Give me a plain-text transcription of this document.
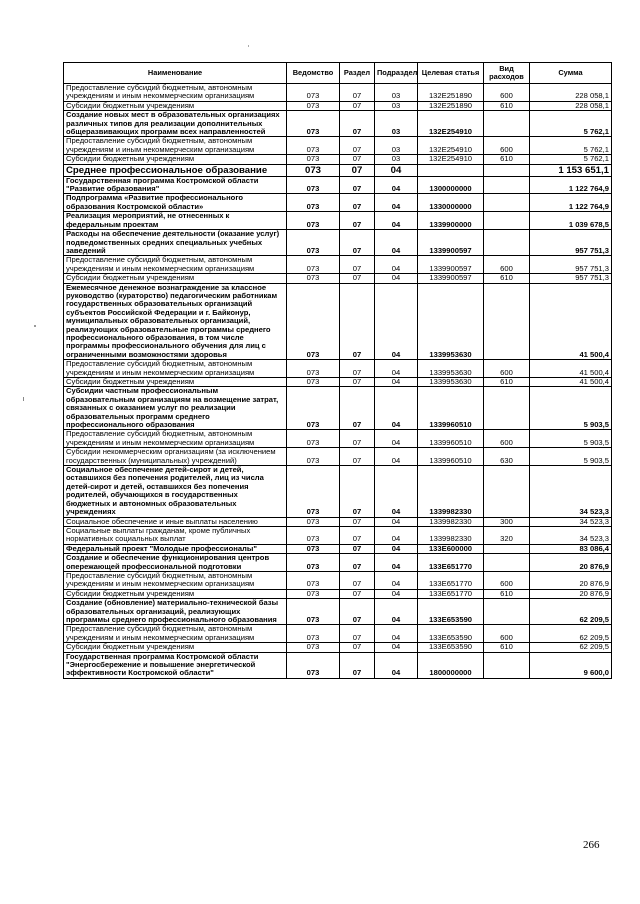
Наименование	Ведомство	Раздел	Подраздел	Целевая статья	Вид расходов	Сумма
Предоставление субсидий бюджетным, автономным учреждениям и иным некоммерческим организациям	073	07	03	132E251890	600	228 058,1
Субсидии бюджетным учреждениям	073	07	03	132E251890	610	228 058,1
Создание новых мест в образовательных организациях различных типов для реализации дополнительных общеразвивающих программ всех направленностей	073	07	03	132E254910		5 762,1
Предоставление субсидий бюджетным, автономным учреждениям и иным некоммерческим организациям	073	07	03	132E254910	600	5 762,1
Субсидии бюджетным учреждениям	073	07	03	132E254910	610	5 762,1
Среднее профессиональное образование	073	07	04			1 153 651,1
Государственная программа Костромской области "Развитие образования"	073	07	04	1300000000		1 122 764,9
Подпрограмма «Развитие профессионального образования Костромской области»	073	07	04	1330000000		1 122 764,9
Реализация мероприятий, не отнесенных к федеральным проектам	073	07	04	1339900000		1 039 678,5
Расходы на обеспечение деятельности (оказание услуг) подведомственных средних специальных учебных заведений	073	07	04	1339900597		957 751,3
Предоставление субсидий бюджетным, автономным учреждениям и иным некоммерческим организациям	073	07	04	1339900597	600	957 751,3
Субсидии бюджетным учреждениям	073	07	04	1339900597	610	957 751,3
Ежемесячное денежное вознаграждение за классное руководство (кураторство) педагогическим работникам государственных образовательных организаций субъектов Российской Федерации и г. Байконур, муниципальных образовательных организаций, реализующих образовательные программы среднего профессионального образования, в том числе программы профессионального обучения для лиц с ограниченными возможностями здоровья	073	07	04	1339953630		41 500,4
Предоставление субсидий бюджетным, автономным учреждениям и иным некоммерческим организациям	073	07	04	1339953630	600	41 500,4
Субсидии бюджетным учреждениям	073	07	04	1339953630	610	41 500,4
Субсидии частным профессиональным образовательным организациям на возмещение затрат, связанных с оказанием услуг по реализации образовательных программ среднего профессионального образования	073	07	04	1339960510		5 903,5
Предоставление субсидий бюджетным, автономным учреждениям и иным некоммерческим организациям	073	07	04	1339960510	600	5 903,5
Субсидии некоммерческим организациям (за исключением государственных (муниципальных) учреждений)	073	07	04	1339960510	630	5 903,5
Социальное обеспечение детей-сирот и детей, оставшихся без попечения родителей, лиц из числа детей-сирот и детей, оставшихся без попечения родителей, обучающихся в государственных бюджетных и автономных образовательных учреждениях	073	07	04	1339982330		34 523,3
Социальное обеспечение и иные выплаты населению	073	07	04	1339982330	300	34 523,3
Социальные выплаты гражданам, кроме публичных нормативных социальных выплат	073	07	04	1339982330	320	34 523,3
Федеральный проект "Молодые профессионалы"	073	07	04	133E600000		83 086,4
Создание и обеспечение функционирования центров опережающей профессиональной подготовки	073	07	04	133E651770		20 876,9
Предоставление субсидий бюджетным, автономным учреждениям и иным некоммерческим организациям	073	07	04	133E651770	600	20 876,9
Субсидии бюджетным учреждениям	073	07	04	133E651770	610	20 876,9
Создание (обновление) материально-технической базы образовательных организаций, реализующих программы среднего профессионального образования	073	07	04	133E653590		62 209,5
Предоставление субсидий бюджетным, автономным учреждениям и иным некоммерческим организациям	073	07	04	133E653590	600	62 209,5
Субсидии бюджетным учреждениям	073	07	04	133E653590	610	62 209,5
Государственная программа Костромской области "Энергосбережение и повышение энергетической эффективности Костромской области"	073	07	04	1800000000		9 600,0
266
